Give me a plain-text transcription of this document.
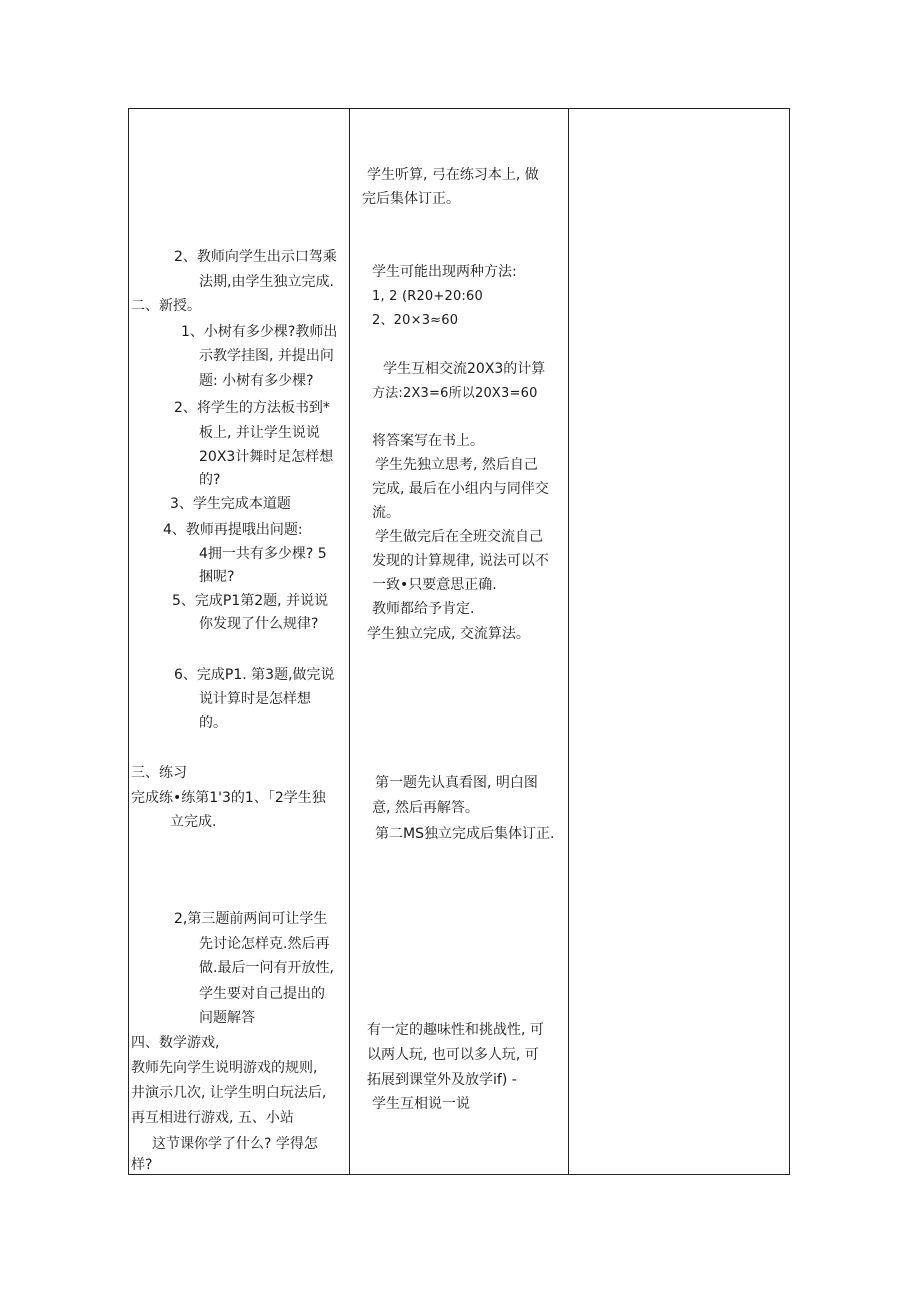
2、教师向学生出示口驾乘
法期,由学生独立完成.
二、新授。
1、小树有多少棵?教师出
示教学挂图, 并提出问
题: 小树有多少棵?
2、将学生的方法板书到*
板上, 并让学生说说
20X3计舞时足怎样想
的?
3、学生完成本道题
4、教师再提哦出问题:
4拥一共有多少棵? 5
捆呢?
5、完成P1第2题, 并说说
你发现了什么规律?
6、完成P1. 第3题,做完说
说计算时是怎样想
的。
三、练习
完成练•练第1'3的1、「2学生独
立完成.
2,第三题前两间可让学生
先讨论怎样克.然后再
做.最后一问有开放性,
学生要对自己提出的
问题解答
四、数学游戏,
教师先向学生说明游戏的规则,
井演示几次, 让学生明白玩法后,
再互相进行游戏, 五、小站
这节课你学了什么? 学得怎
样?
学生听算, 弓在练习本上, 做
完后集体订正。
学生可能出现两种方法:
1, 2 (R20+20:60
2、20×3≈60
学生互相交流20X3的计算
方法:2X3=6所以20X3=60
将答案写在书上。
学生先独立思考, 然后自己
完成, 最后在小组内与同伴交
流。
学生做完后在全班交流自己
发现的计算规律, 说法可以不
一致•只要意思正确.
教师都给予肯定.
学生独立完成, 交流算法。
第一题先认真看图, 明白图
意, 然后再解答。
第二MS独立完成后集体订正.
有一定的趣味性和挑战性, 可
以两人玩, 也可以多人玩, 可
拓展到课堂外及放学if) -
学生互相说一说
